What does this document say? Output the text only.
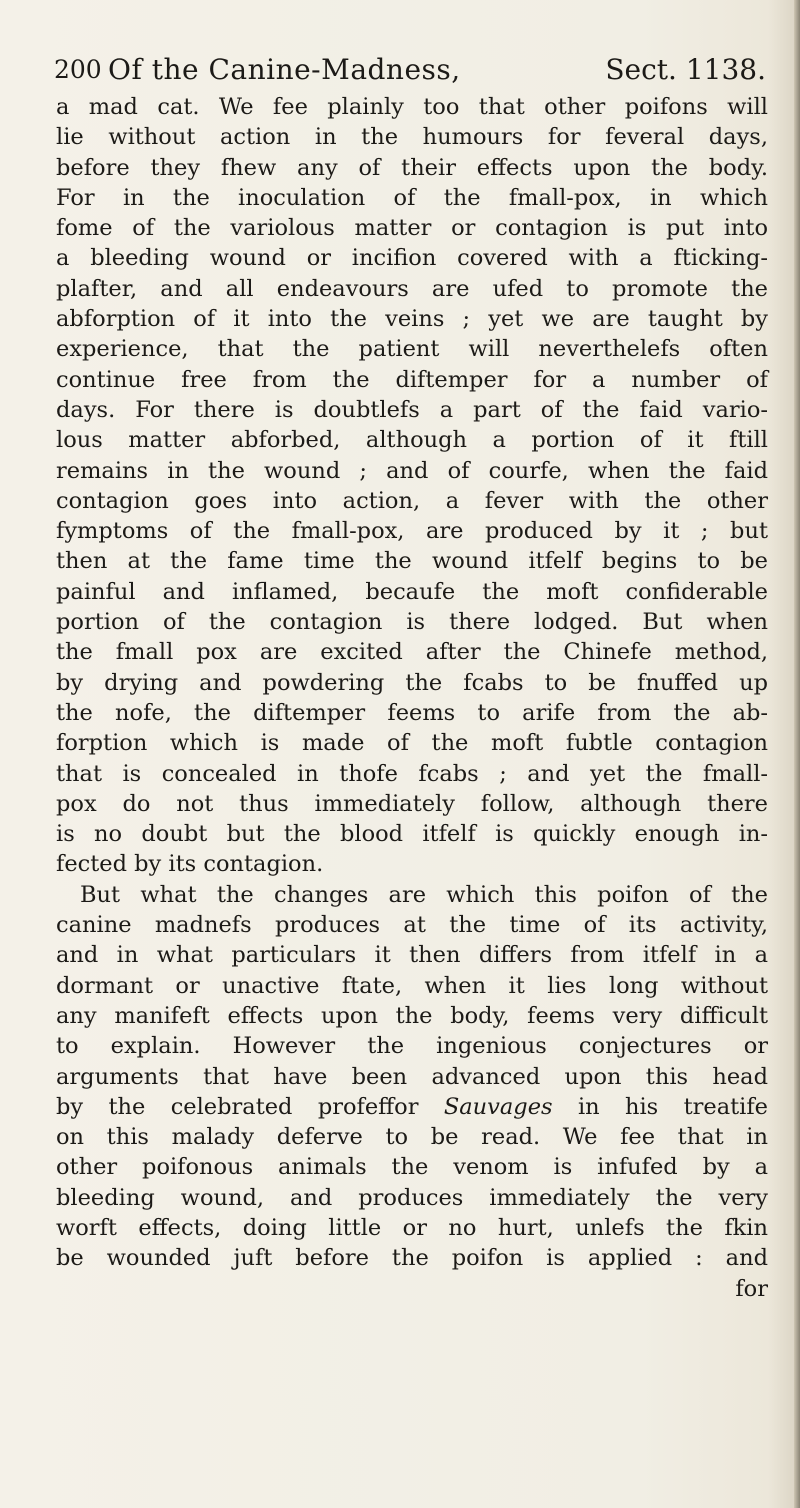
200 Of the Canine-Madness,	Sect. 1138.
a mad cat. We fee plainly too that other poifons will
lie without action in the humours for feveral days,
before they fhew any of their effects upon the body.
For in the inoculation of the fmall-pox, in which
fome of the variolous matter or contagion is put into
a bleeding wound or incifion covered with a fticking-
plafter, and all endeavours are ufed to promote the
abforption of it into the veins ; yet we are taught by
experience, that the patient will neverthelefs often
continue free from the diftemper for a number of
days. For there is doubtlefs a part of the faid vario-
lous matter abforbed, although a portion of it ftill
remains in the wound ; and of courfe, when the faid
contagion goes into action, a fever with the other
fymptoms of the fmall-pox, are produced by it ; but
then at the fame time the wound itfelf begins to be
painful and inflamed, becaufe the moft confiderable
portion of the contagion is there lodged. But when
the fmall pox are excited after the Chinefe method,
by drying and powdering the fcabs to be fnuffed up
the nofe, the diftemper feems to arife from the ab-
forption which is made of the moft fubtle contagion
that is concealed in thofe fcabs ; and yet the fmall-
pox do not thus immediately follow, although there
is no doubt but the blood itfelf is quickly enough in-
fected by its contagion.
But what the changes are which this poifon of the
canine madnefs produces at the time of its activity,
and in what particulars it then differs from itfelf in a
dormant or unactive ftate, when it lies long without
any manifeft effects upon the body, feems very difficult
to explain. However the ingenious conjectures or
arguments that have been advanced upon this head
by the celebrated profeffor Sauvages in his treatife
on this malady deferve to be read. We fee that in
other poifonous animals the venom is infufed by a
bleeding wound, and produces immediately the very
worft effects, doing little or no hurt, unlefs the fkin
be wounded juft before the poifon is applied : and
for
